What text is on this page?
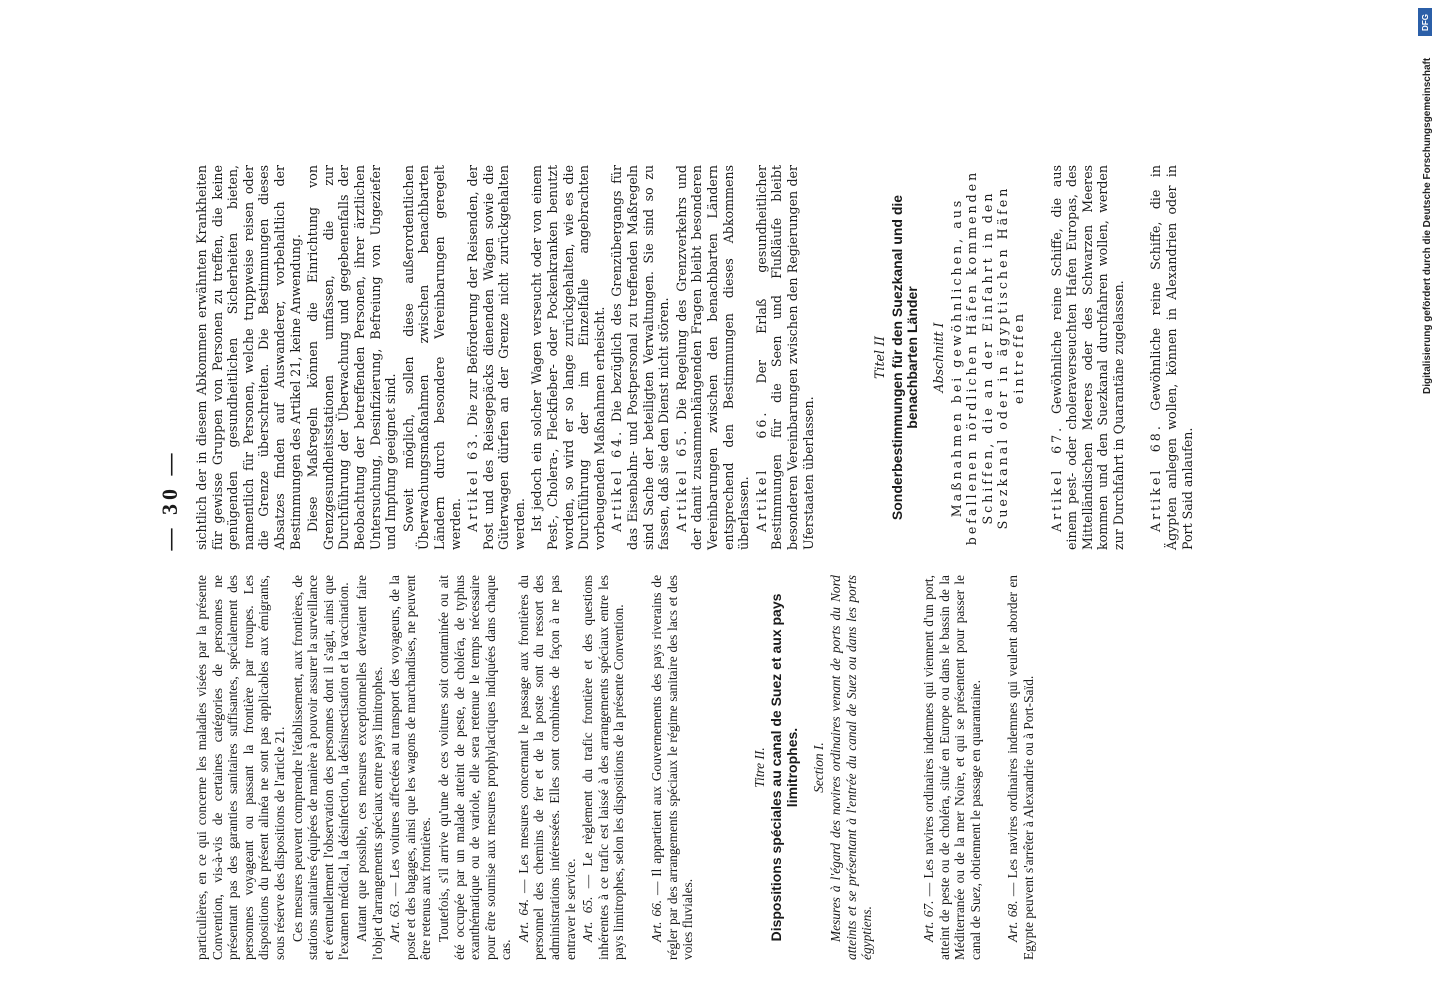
— 30 —

particulières, en ce qui concerne les maladies visées par la présente Convention, vis-à-vis de certaines catégories de personnes ne présentant pas des garanties sanitaires suffisantes, spécialement des personnes voyageant ou passant la frontière par troupes. Les dispositions du présent alinéa ne sont pas applicables aux émigrants, sous réserve des dispositions de l'article 21. Ces mesures peuvent comprendre l'établissement, aux frontières, de stations sanitaires équipées de manière à pouvoir assurer la surveillance et éventuellement l'observation des personnes dont il s'agit, ainsi que l'examen médical, la désinfection, la désinsectisation et la vaccination. Autant que possible, ces mesures exceptionnelles devraient faire l'objet d'arrangements spéciaux entre pays limitrophes. Art. 63. — Les voitures affectées au transport des voyageurs, de la poste et des bagages, ainsi que les wagons de marchandises, ne peuvent être retenus aux frontières. Toutefois, s'il arrive qu'une de ces voitures soit contaminée ou ait été occupée par un malade atteint de peste, de choléra, de typhus exanthématique ou de variole, elle sera retenue le temps nécessaire pour être soumise aux mesures prophylactiques indiquées dans chaque cas.

Art. 64. — Les mesures concernant le passage aux frontières du personnel des chemins de fer et de la poste sont du ressort des administrations intéressées. Elles sont combinées de façon à ne pas entraver le service. Art. 65. — Le règlement du trafic frontière et des questions inhérentes à ce trafic est laissé à des arrangements spéciaux entre les pays limitrophes, selon les dispositions de la présente Convention. Art. 66. — Il appartient aux Gouvernements des pays riverains de régler par des arrangements spéciaux le régime sanitaire des lacs et des voies fluviales.

Titre II. Dispositions spéciales au canal de Suez et aux pays limitrophes. Section I. Mesures à l'égard des navires ordinaires venant de ports du Nord atteints et se présentant à l'entrée du canal de Suez ou dans les ports égyptiens.	Art. 67. — Les navires ordinaires indemnes qui viennent d'un port, atteint de peste ou de choléra, situé en Europe ou dans le bassin de la Méditerranée ou de la mer Noire, et qui se présentent pour passer le canal de Suez, obtiennent le passage en quarantaine. Art. 68. — Les navires ordinaires indemnes qui veulent aborder en Egypte peuvent s'arrêter à Alexandrie ou à Port-Saïd.

sichtlich der in diesem Abkommen erwähnten Krankheiten für gewisse Gruppen von Personen zu treffen, die keine genügenden gesundheitlichen Sicherheiten bieten, namentlich für Personen, welche truppweise reisen oder die Grenze überschreiten. Die Bestimmungen dieses Absatzes finden auf Auswanderer, vorbehaltlich der Bestimmungen des Artikel 21, keine Anwendung. Diese Maßregeln können die Einrichtung von Grenzgesundheitsstationen umfassen, die zur Durchführung der Überwachung und gegebenenfalls der Beobachtung der betreffenden Personen, ihrer ärztlichen Untersuchung, Desinfizierung, Befreiung von Ungeziefer und Impfung geeignet sind. Soweit möglich, sollen diese außerordentlichen Überwachungsmaßnahmen zwischen benachbarten Ländern durch besondere Vereinbarungen geregelt werden. Artikel 63. Die zur Beförderung der Reisenden, der Post und des Reisegepäcks dienenden Wagen sowie die Güterwagen dürfen an der Grenze nicht zurückgehalten werden. Ist jedoch ein solcher Wagen verseucht oder von einem Pest-, Cholera-, Fleckfieber- oder Pockenkranken benutzt worden, so wird er so lange zurückgehalten, wie es die Durchführung der im Einzelfalle angebrachten vorbeugenden Maßnahmen erheischt. Artikel 64. Die bezüglich des Grenzübergangs für das Eisenbahn- und Postpersonal zu treffenden Maßregeln sind Sache der beteiligten Verwaltungen. Sie sind so zu fassen, daß sie den Dienst nicht stören. Artikel 65. Die Regelung des Grenzverkehrs und der damit zusammenhängenden Fragen bleibt besonderen Vereinbarungen zwischen den benachbarten Ländern entsprechend den Bestimmungen dieses Abkommens überlassen. Artikel 66. Der Erlaß gesundheitlicher Bestimmungen für die Seen und Flußläufe bleibt besonderen Vereinbarungen zwischen den Regierungen der Uferstaaten überlassen.

Titel II Sonderbestimmungen für den Suezkanal und die benachbarten Länder Abschnitt I Maßnahmen bei gewöhnlichen, aus befallenen nördlichen Häfen kommenden Schiffen, die an der Einfahrt in den Suezkanal oder in ägyptischen Häfen eintreffen

Artikel 67. Gewöhnliche reine Schiffe, die aus einem pest- oder choleraverseuchten Hafen Europas, des Mittelländischen Meeres oder des Schwarzen Meeres kommen und den Suezkanal durchfahren wollen, werden zur Durchfahrt in Quarantäne zugelassen. Artikel 68. Gewöhnliche reine Schiffe, die in Ägypten anlegen wollen, können in Alexandrien oder in Port Said anlaufen.

Digitalisierung gefördert durch die Deutsche Forschungsgemeinschaft
DFG
